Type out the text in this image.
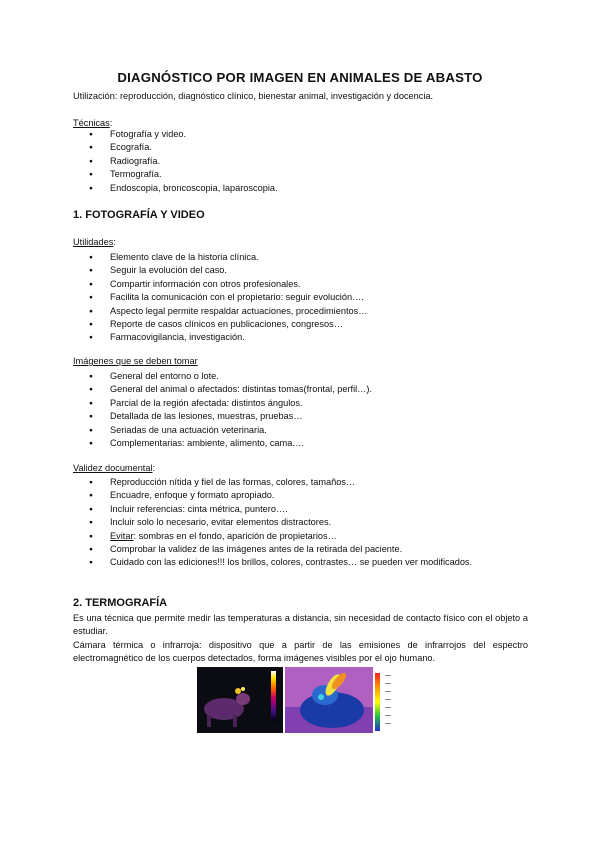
DIAGNÓSTICO POR IMAGEN EN ANIMALES DE ABASTO
Utilización: reproducción, diagnóstico clínico, bienestar animal, investigación y docencia.
Técnicas:
● Fotografía y video.
● Ecografía.
● Radiografía.
● Termografía.
● Endoscopia, broncoscopia, laparoscopia.
1. FOTOGRAFÍA Y VIDEO
Utilidades:
● Elemento clave de la historia clínica.
● Seguir la evolución del caso.
● Compartir información con otros profesionales.
● Facilita la comunicación con el propietario: seguir evolución….
● Aspecto legal permite respaldar actuaciones, procedimientos…
● Reporte de casos clínicos en publicaciones, congresos…
● Farmacovigilancia, investigación.
Imágenes que se deben tomar
● General del entorno o lote.
● General del animal o afectados: distintas tomas(frontal, perfil…).
● Parcial de la región afectada: distintos ángulos.
● Detallada de las lesiones, muestras, pruebas…
● Seriadas de una actuación veterinaria.
● Complementarias: ambiente, alimento, cama….
Validez documental:
● Reproducción nítida y fiel de las formas, colores, tamaños…
● Encuadre, enfoque y formato apropiado.
● Incluir referencias: cinta métrica, puntero….
● Incluir solo lo necesario, evitar elementos distractores.
● Evitar: sombras en el fondo, aparición de propietarios…
● Comprobar la validez de las imágenes antes de la retirada del paciente.
● Cuidado con las ediciones!!! los brillos, colores, contrastes… se pueden ver modificados.
2. TERMOGRAFÍA
Es una técnica que permite medir las temperaturas a distancia, sin necesidad de contacto físico con el objeto a estudiar.
Cámara térmica o infrarroja: dispositivo que a partir de las emisiones de infrarrojos del espectro electromagnético de los cuerpos detectados, forma imágenes visibles por el ojo humano.
